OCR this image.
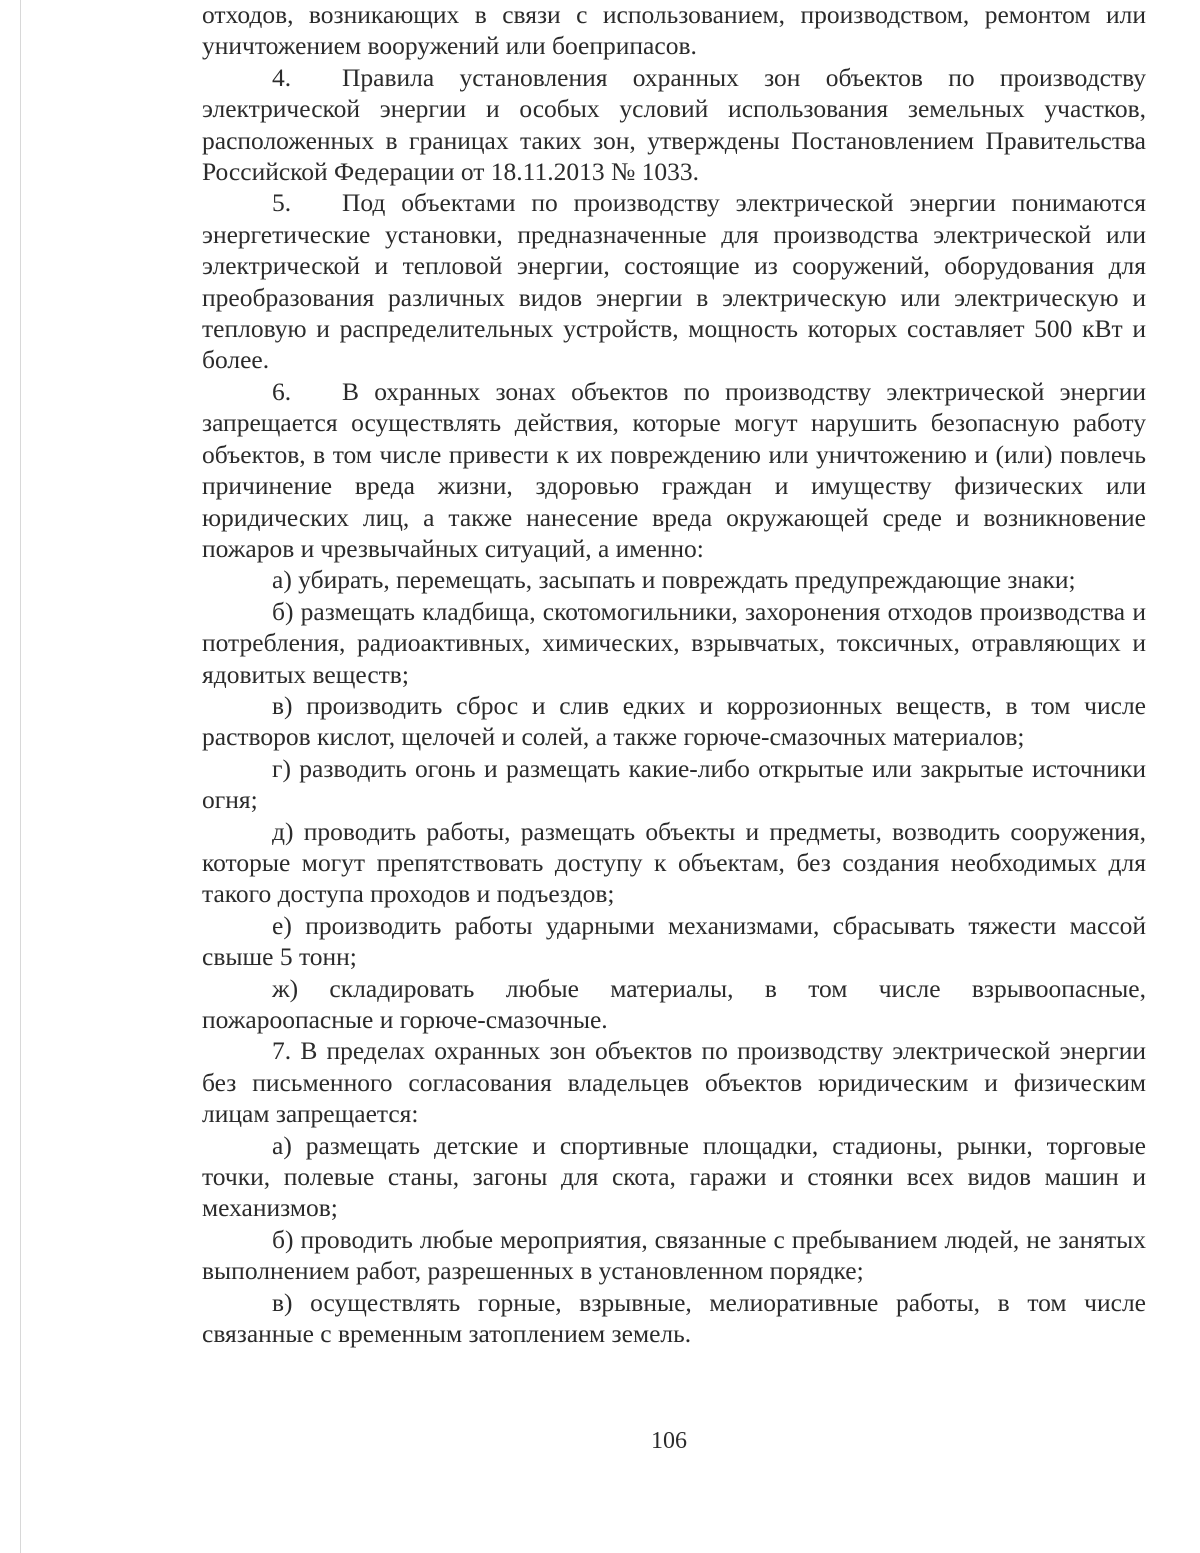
отходов, возникающих в связи с использованием, производством, ремонтом или уничтожением вооружений или боеприпасов.

4. Правила установления охранных зон объектов по производству электрической энергии и особых условий использования земельных участков, расположенных в границах таких зон, утверждены Постановлением Правительства Российской Федерации от 18.11.2013 № 1033.

5. Под объектами по производству электрической энергии понимаются энергетические установки, предназначенные для производства электрической или электрической и тепловой энергии, состоящие из сооружений, оборудования для преобразования различных видов энергии в электрическую или электрическую и тепловую и распределительных устройств, мощность которых составляет 500 кВт и более.

6. В охранных зонах объектов по производству электрической энергии запрещается осуществлять действия, которые могут нарушить безопасную работу объектов, в том числе привести к их повреждению или уничтожению и (или) повлечь причинение вреда жизни, здоровью граждан и имуществу физических или юридических лиц, а также нанесение вреда окружающей среде и возникновение пожаров и чрезвычайных ситуаций, а именно:

а) убирать, перемещать, засыпать и повреждать предупреждающие знаки;

б) размещать кладбища, скотомогильники, захоронения отходов производства и потребления, радиоактивных, химических, взрывчатых, токсичных, отравляющих и ядовитых веществ;

в) производить сброс и слив едких и коррозионных веществ, в том числе растворов кислот, щелочей и солей, а также горюче-смазочных материалов;

г) разводить огонь и размещать какие-либо открытые или закрытые источники огня;

д) проводить работы, размещать объекты и предметы, возводить сооружения, которые могут препятствовать доступу к объектам, без создания необходимых для такого доступа проходов и подъездов;

е) производить работы ударными механизмами, сбрасывать тяжести массой свыше 5 тонн;

ж) складировать любые материалы, в том числе взрывоопасные, пожароопасные и горюче-смазочные.

7. В пределах охранных зон объектов по производству электрической энергии без письменного согласования владельцев объектов юридическим и физическим лицам запрещается:

а) размещать детские и спортивные площадки, стадионы, рынки, торговые точки, полевые станы, загоны для скота, гаражи и стоянки всех видов машин и механизмов;

б) проводить любые мероприятия, связанные с пребыванием людей, не занятых выполнением работ, разрешенных в установленном порядке;

в) осуществлять горные, взрывные, мелиоративные работы, в том числе связанные с временным затоплением земель.

106
